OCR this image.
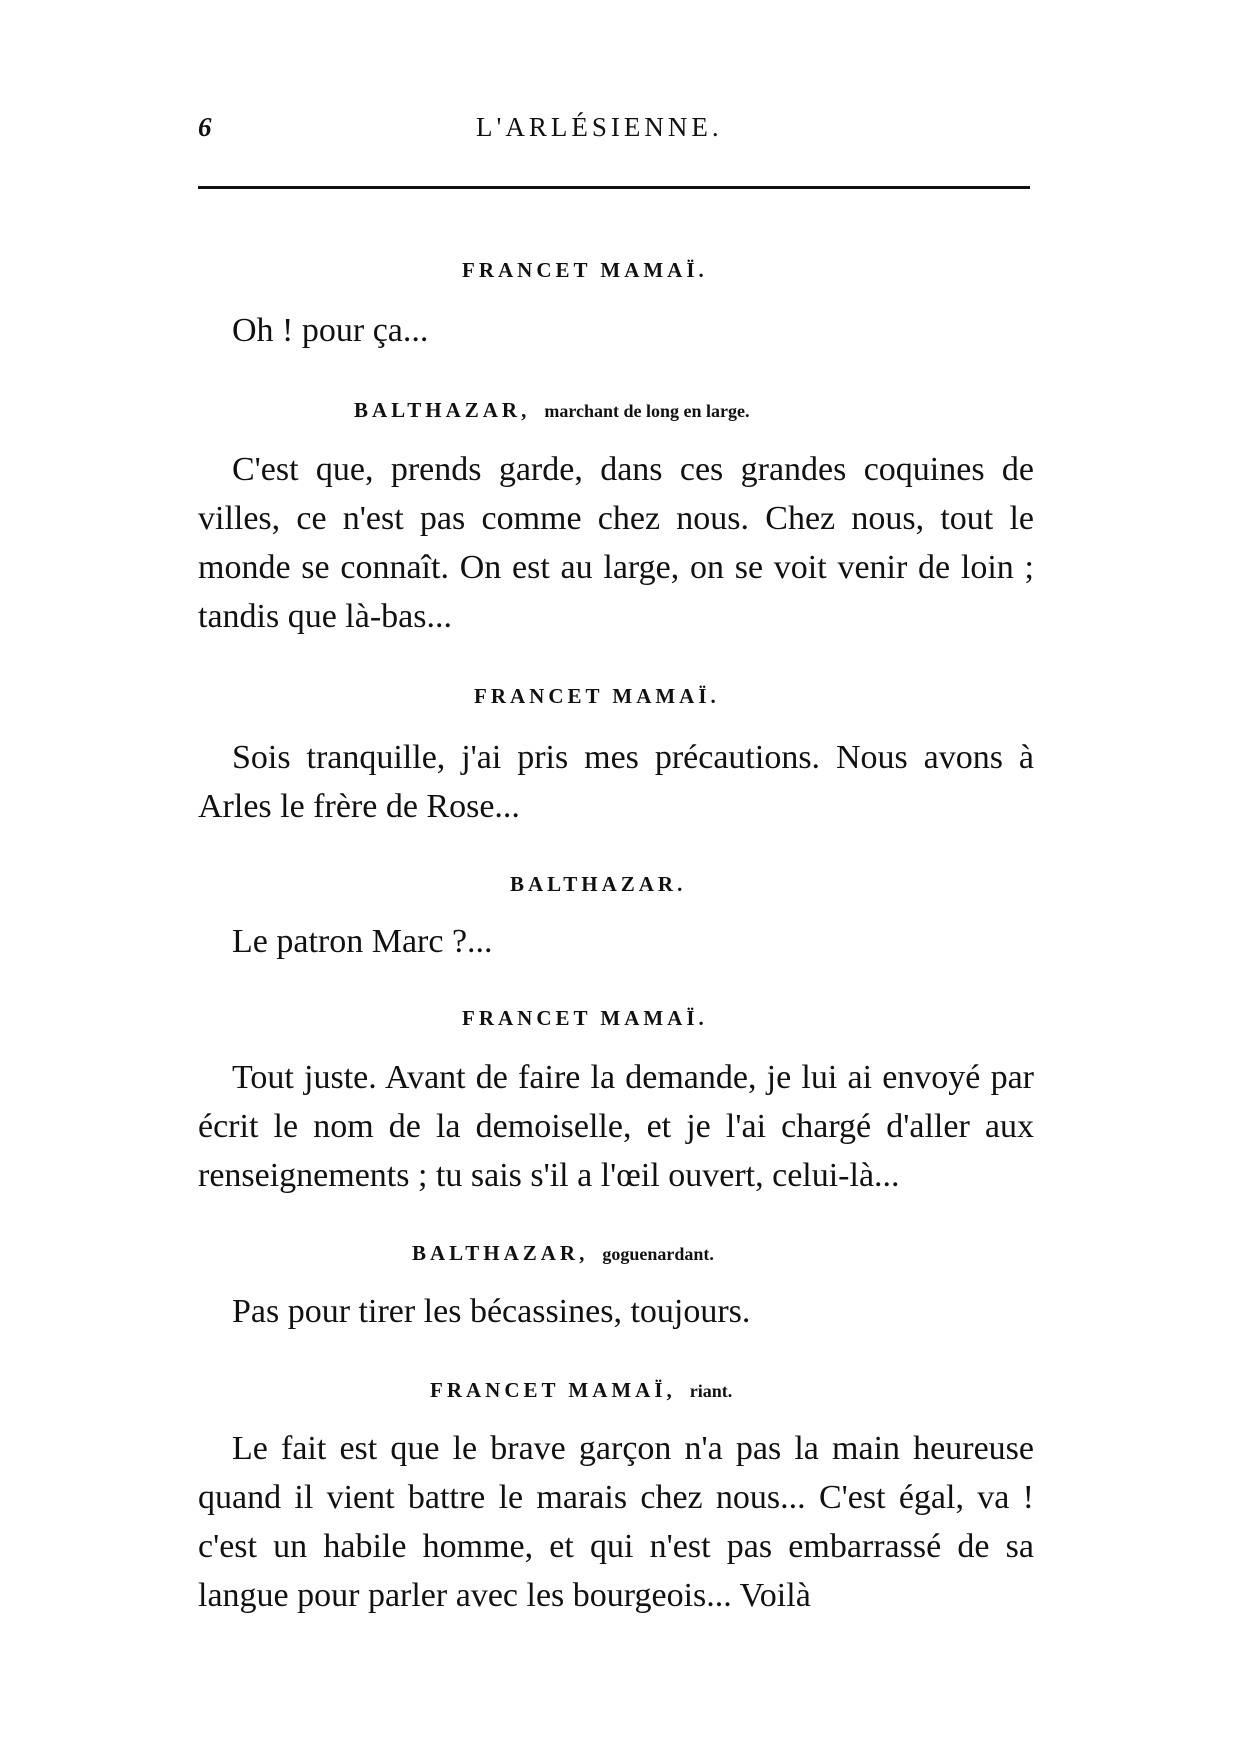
6	L'ARLÉSIENNE.
FRANCET MAMAÏ.

Oh ! pour ça...

BALTHAZAR, marchant de long en large.

C'est que, prends garde, dans ces grandes coquines de villes, ce n'est pas comme chez nous. Chez nous, tout le monde se connaît. On est au large, on se voit venir de loin ; tandis que là-bas...

FRANCET MAMAÏ.

Sois tranquille, j'ai pris mes précautions. Nous avons à Arles le frère de Rose...

BALTHAZAR.

Le patron Marc ?...

FRANCET MAMAÏ.

Tout juste. Avant de faire la demande, je lui ai envoyé par écrit le nom de la demoiselle, et je l'ai chargé d'aller aux renseignements ; tu sais s'il a l'œil ouvert, celui-là...

BALTHAZAR, goguenardant.

Pas pour tirer les bécassines, toujours.

FRANCET MAMAÏ, riant.

Le fait est que le brave garçon n'a pas la main heureuse quand il vient battre le marais chez nous... C'est égal, va ! c'est un habile homme, et qui n'est pas embarrassé de sa langue pour parler avec les bourgeois... Voilà
